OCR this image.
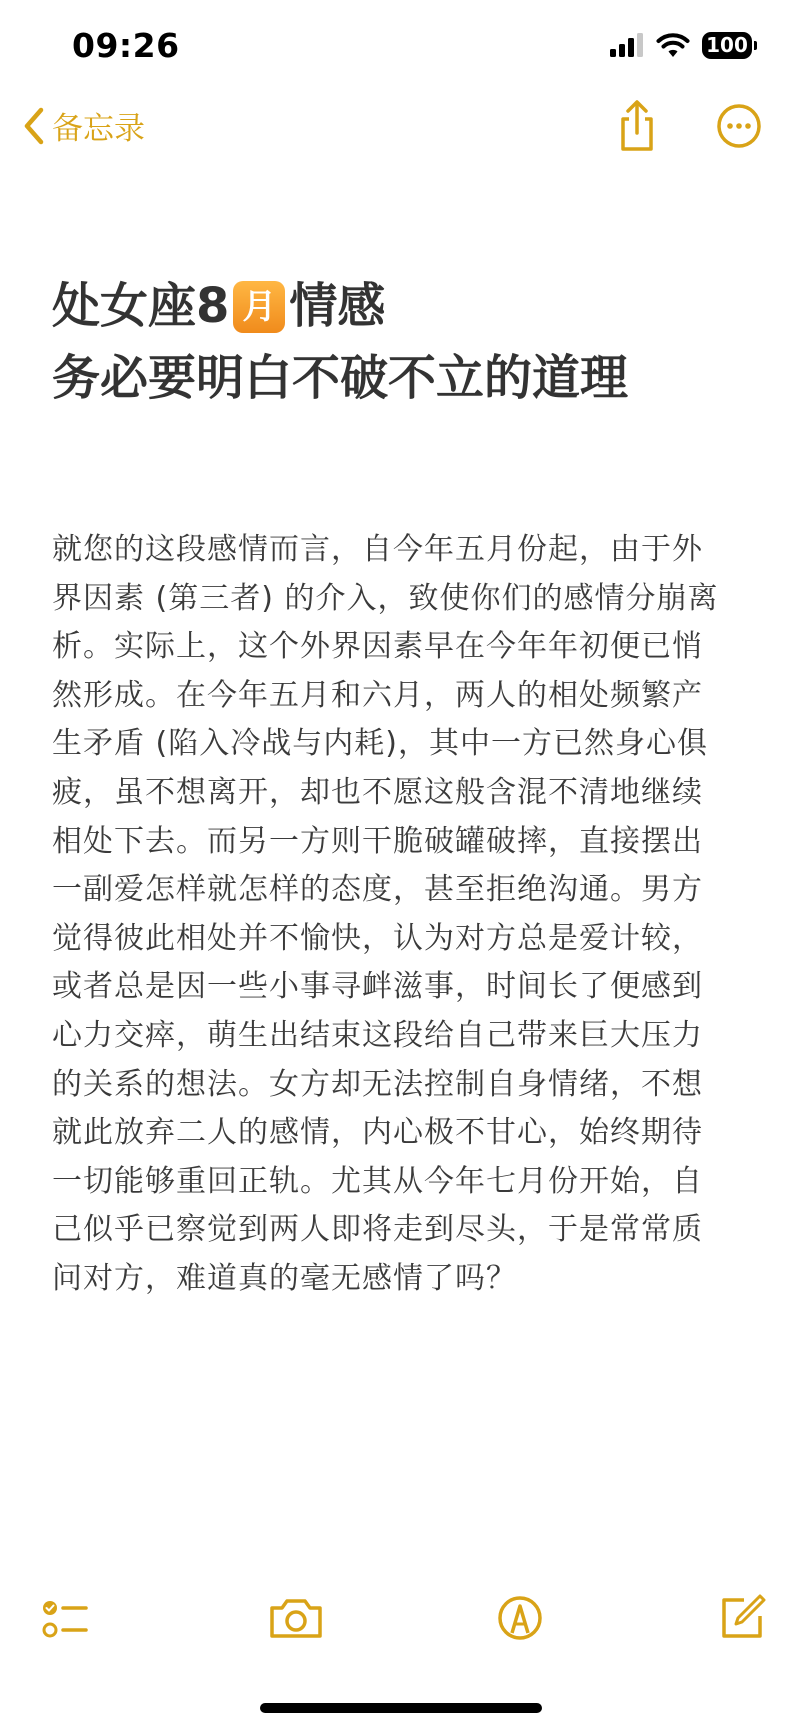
09:26	100
备忘录
处女座8 月 情感
务必要明白不破不立的道理
就您的这段感情而言，自今年五月份起，由于外
界因素 (第三者) 的介入，致使你们的感情分崩离
析。实际上，这个外界因素早在今年年初便已悄
然形成。在今年五月和六月，两人的相处频繁产
生矛盾 (陷入冷战与内耗)，其中一方已然身心俱
疲，虽不想离开，却也不愿这般含混不清地继续
相处下去。而另一方则干脆破罐破摔，直接摆出
一副爱怎样就怎样的态度，甚至拒绝沟通。男方
觉得彼此相处并不愉快，认为对方总是爱计较，
或者总是因一些小事寻衅滋事，时间长了便感到
心力交瘁，萌生出结束这段给自己带来巨大压力
的关系的想法。女方却无法控制自身情绪，不想
就此放弃二人的感情，内心极不甘心，始终期待
一切能够重回正轨。尤其从今年七月份开始，自
己似乎已察觉到两人即将走到尽头，于是常常质
问对方，难道真的毫无感情了吗？
